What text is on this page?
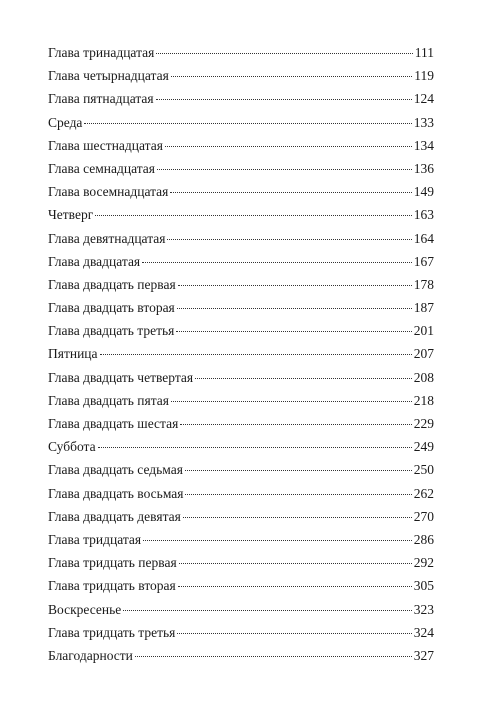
Глава тринадцатая	111
Глава четырнадцатая	119
Глава пятнадцатая	124
Среда	133
Глава шестнадцатая	134
Глава семнадцатая	136
Глава восемнадцатая	149
Четверг	163
Глава девятнадцатая	164
Глава двадцатая	167
Глава двадцать первая	178
Глава двадцать вторая	187
Глава двадцать третья	201
Пятница	207
Глава двадцать четвертая	208
Глава двадцать пятая	218
Глава двадцать шестая	229
Суббота	249
Глава двадцать седьмая	250
Глава двадцать восьмая	262
Глава двадцать девятая	270
Глава тридцатая	286
Глава тридцать первая	292
Глава тридцать вторая	305
Воскресенье	323
Глава тридцать третья	324
Благодарности	327
